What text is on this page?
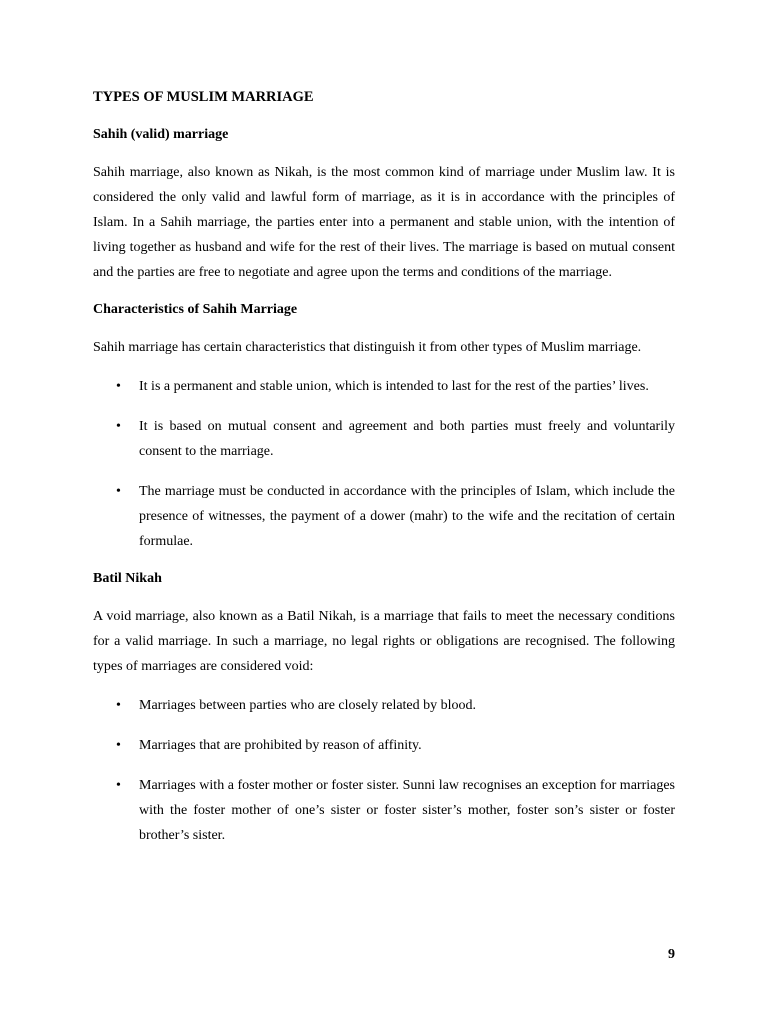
TYPES OF MUSLIM MARRIAGE
Sahih (valid) marriage

Sahih marriage, also known as Nikah, is the most common kind of marriage under Muslim law. It is considered the only valid and lawful form of marriage, as it is in accordance with the principles of Islam. In a Sahih marriage, the parties enter into a permanent and stable union, with the intention of living together as husband and wife for the rest of their lives. The marriage is based on mutual consent and the parties are free to negotiate and agree upon the terms and conditions of the marriage.

Characteristics of Sahih Marriage

Sahih marriage has certain characteristics that distinguish it from other types of Muslim marriage.

• It is a permanent and stable union, which is intended to last for the rest of the parties’ lives.
• It is based on mutual consent and agreement and both parties must freely and voluntarily consent to the marriage.
• The marriage must be conducted in accordance with the principles of Islam, which include the presence of witnesses, the payment of a dower (mahr) to the wife and the recitation of certain formulae.
Batil Nikah

A void marriage, also known as a Batil Nikah, is a marriage that fails to meet the necessary conditions for a valid marriage. In such a marriage, no legal rights or obligations are recognised. The following types of marriages are considered void:

• Marriages between parties who are closely related by blood.
• Marriages that are prohibited by reason of affinity.
• Marriages with a foster mother or foster sister. Sunni law recognises an exception for marriages with the foster mother of one’s sister or foster sister’s mother, foster son’s sister or foster brother’s sister.
9
